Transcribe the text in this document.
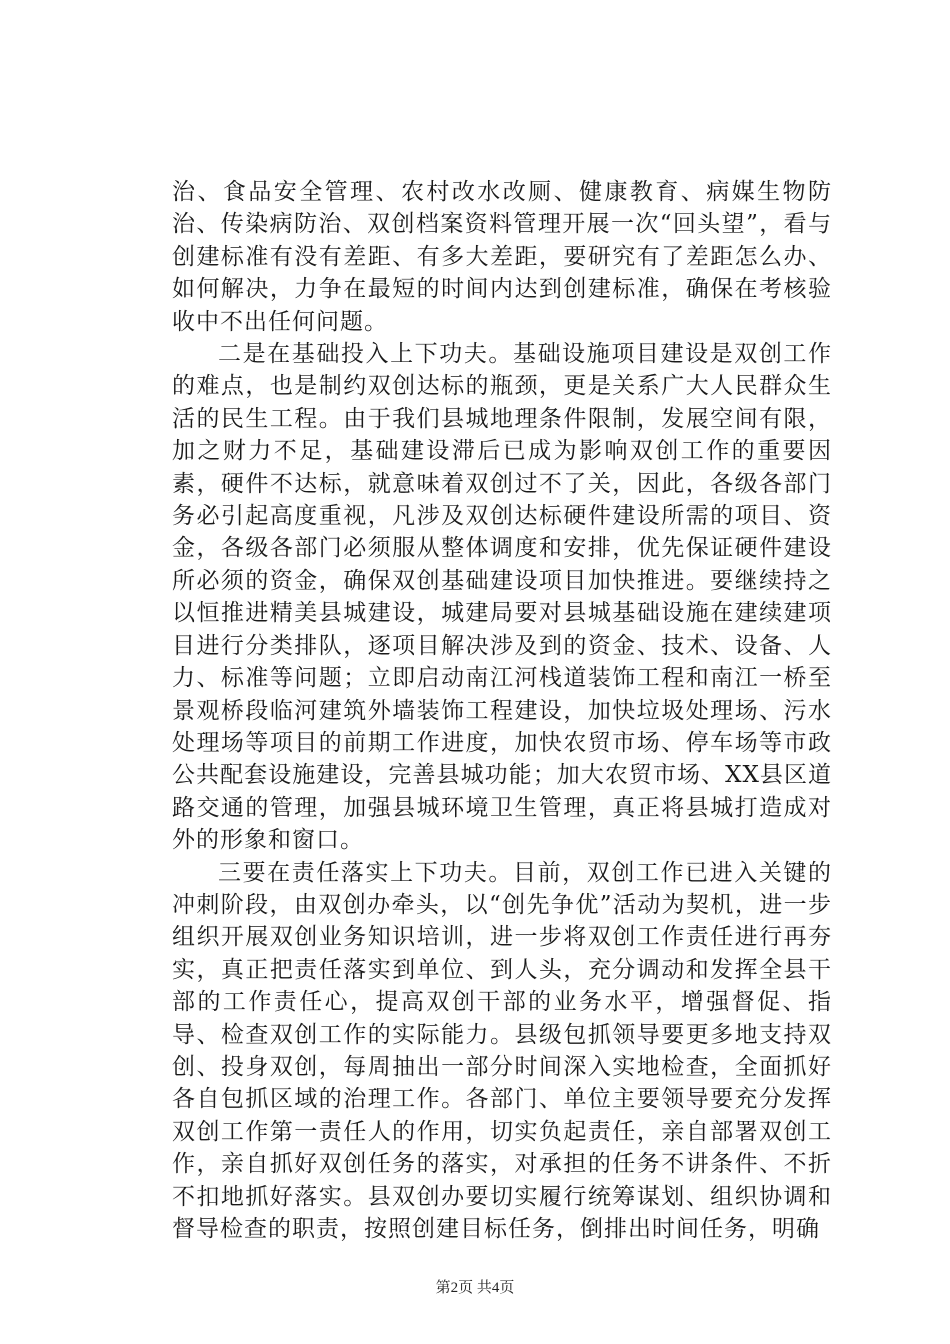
治、食品安全管理、农村改水改厕、健康教育、病媒生物防治、传染病防治、双创档案资料管理开展一次“回头望”，看与创建标准有没有差距、有多大差距，要研究有了差距怎么办、如何解决，力争在最短的时间内达到创建标准，确保在考核验收中不出任何问题。

二是在基础投入上下功夫。基础设施项目建设是双创工作的难点，也是制约双创达标的瓶颈，更是关系广大人民群众生活的民生工程。由于我们县城地理条件限制，发展空间有限，加之财力不足，基础建设滞后已成为影响双创工作的重要因素，硬件不达标，就意味着双创过不了关，因此，各级各部门务必引起高度重视，凡涉及双创达标硬件建设所需的项目、资金，各级各部门必须服从整体调度和安排，优先保证硬件建设所必须的资金，确保双创基础建设项目加快推进。要继续持之以恒推进精美县城建设，城建局要对县城基础设施在建续建项目进行分类排队，逐项目解决涉及到的资金、技术、设备、人力、标准等问题；立即启动南江河栈道装饰工程和南江一桥至景观桥段临河建筑外墙装饰工程建设，加快垃圾处理场、污水处理场等项目的前期工作进度，加快农贸市场、停车场等市政公共配套设施建设，完善县城功能；加大农贸市场、XX县区道路交通的管理，加强县城环境卫生管理，真正将县城打造成对外的形象和窗口。

三要在责任落实上下功夫。目前，双创工作已进入关键的冲刺阶段，由双创办牵头，以“创先争优”活动为契机，进一步组织开展双创业务知识培训，进一步将双创工作责任进行再夯实，真正把责任落实到单位、到人头，充分调动和发挥全县干部的工作责任心，提高双创干部的业务水平，增强督促、指导、检查双创工作的实际能力。县级包抓领导要更多地支持双创、投身双创，每周抽出一部分时间深入实地检查，全面抓好各自包抓区域的治理工作。各部门、单位主要领导要充分发挥双创工作第一责任人的作用，切实负起责任，亲自部署双创工作，亲自抓好双创任务的落实，对承担的任务不讲条件、不折不扣地抓好落实。县双创办要切实履行统筹谋划、组织协调和督导检查的职责，按照创建目标任务，倒排出时间任务，明确

第2页 共4页
